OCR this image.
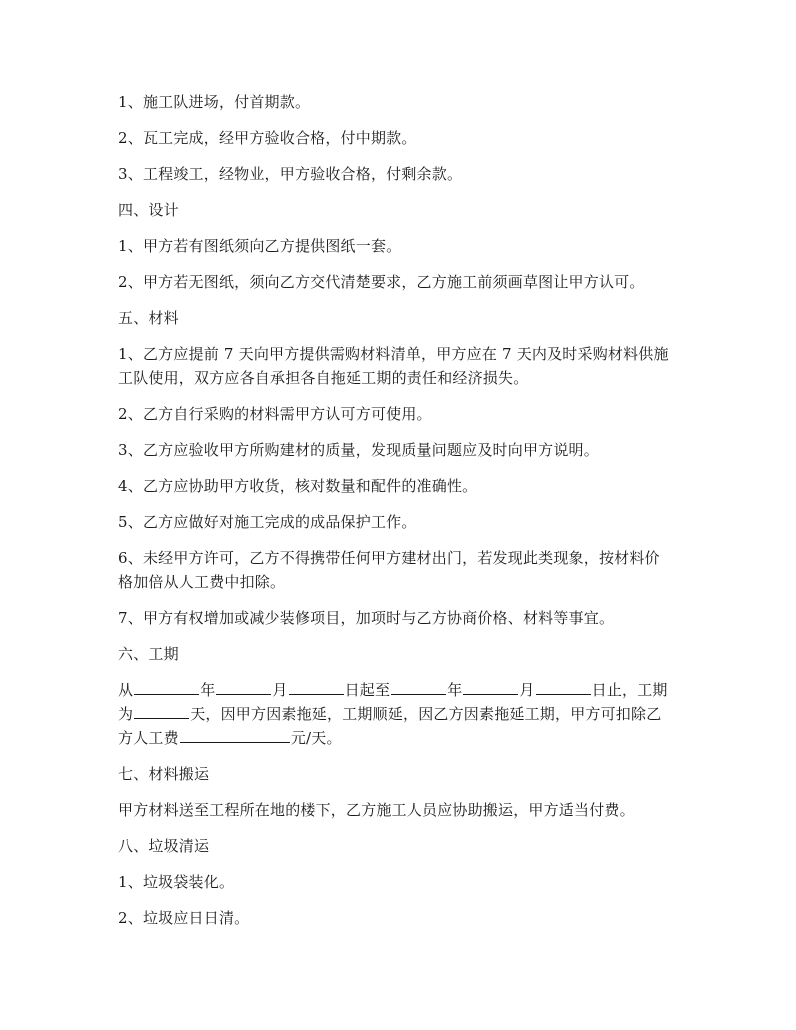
1、施工队进场，付首期款。

2、瓦工完成，经甲方验收合格，付中期款。

3、工程竣工，经物业，甲方验收合格，付剩余款。

四、设计

1、甲方若有图纸须向乙方提供图纸一套。

2、甲方若无图纸，须向乙方交代清楚要求，乙方施工前须画草图让甲方认可。

五、材料

1、乙方应提前 7 天向甲方提供需购材料清单，甲方应在 7 天内及时采购材料供施工队使用，双方应各自承担各自拖延工期的责任和经济损失。

2、乙方自行采购的材料需甲方认可方可使用。

3、乙方应验收甲方所购建材的质量，发现质量问题应及时向甲方说明。

4、乙方应协助甲方收货，核对数量和配件的准确性。

5、乙方应做好对施工完成的成品保护工作。

6、未经甲方许可，乙方不得携带任何甲方建材出门，若发现此类现象，按材料价格加倍从人工费中扣除。

7、甲方有权增加或减少装修项目，加项时与乙方协商价格、材料等事宜。

六、工期

从	年	月	日起至	年	月	日止，工期为	天，因甲方因素拖延，工期顺延，因乙方因素拖延工期，甲方可扣除乙方人工费	元/天。

七、材料搬运

甲方材料送至工程所在地的楼下，乙方施工人员应协助搬运，甲方适当付费。

八、垃圾清运

1、垃圾袋装化。

2、垃圾应日日清。
